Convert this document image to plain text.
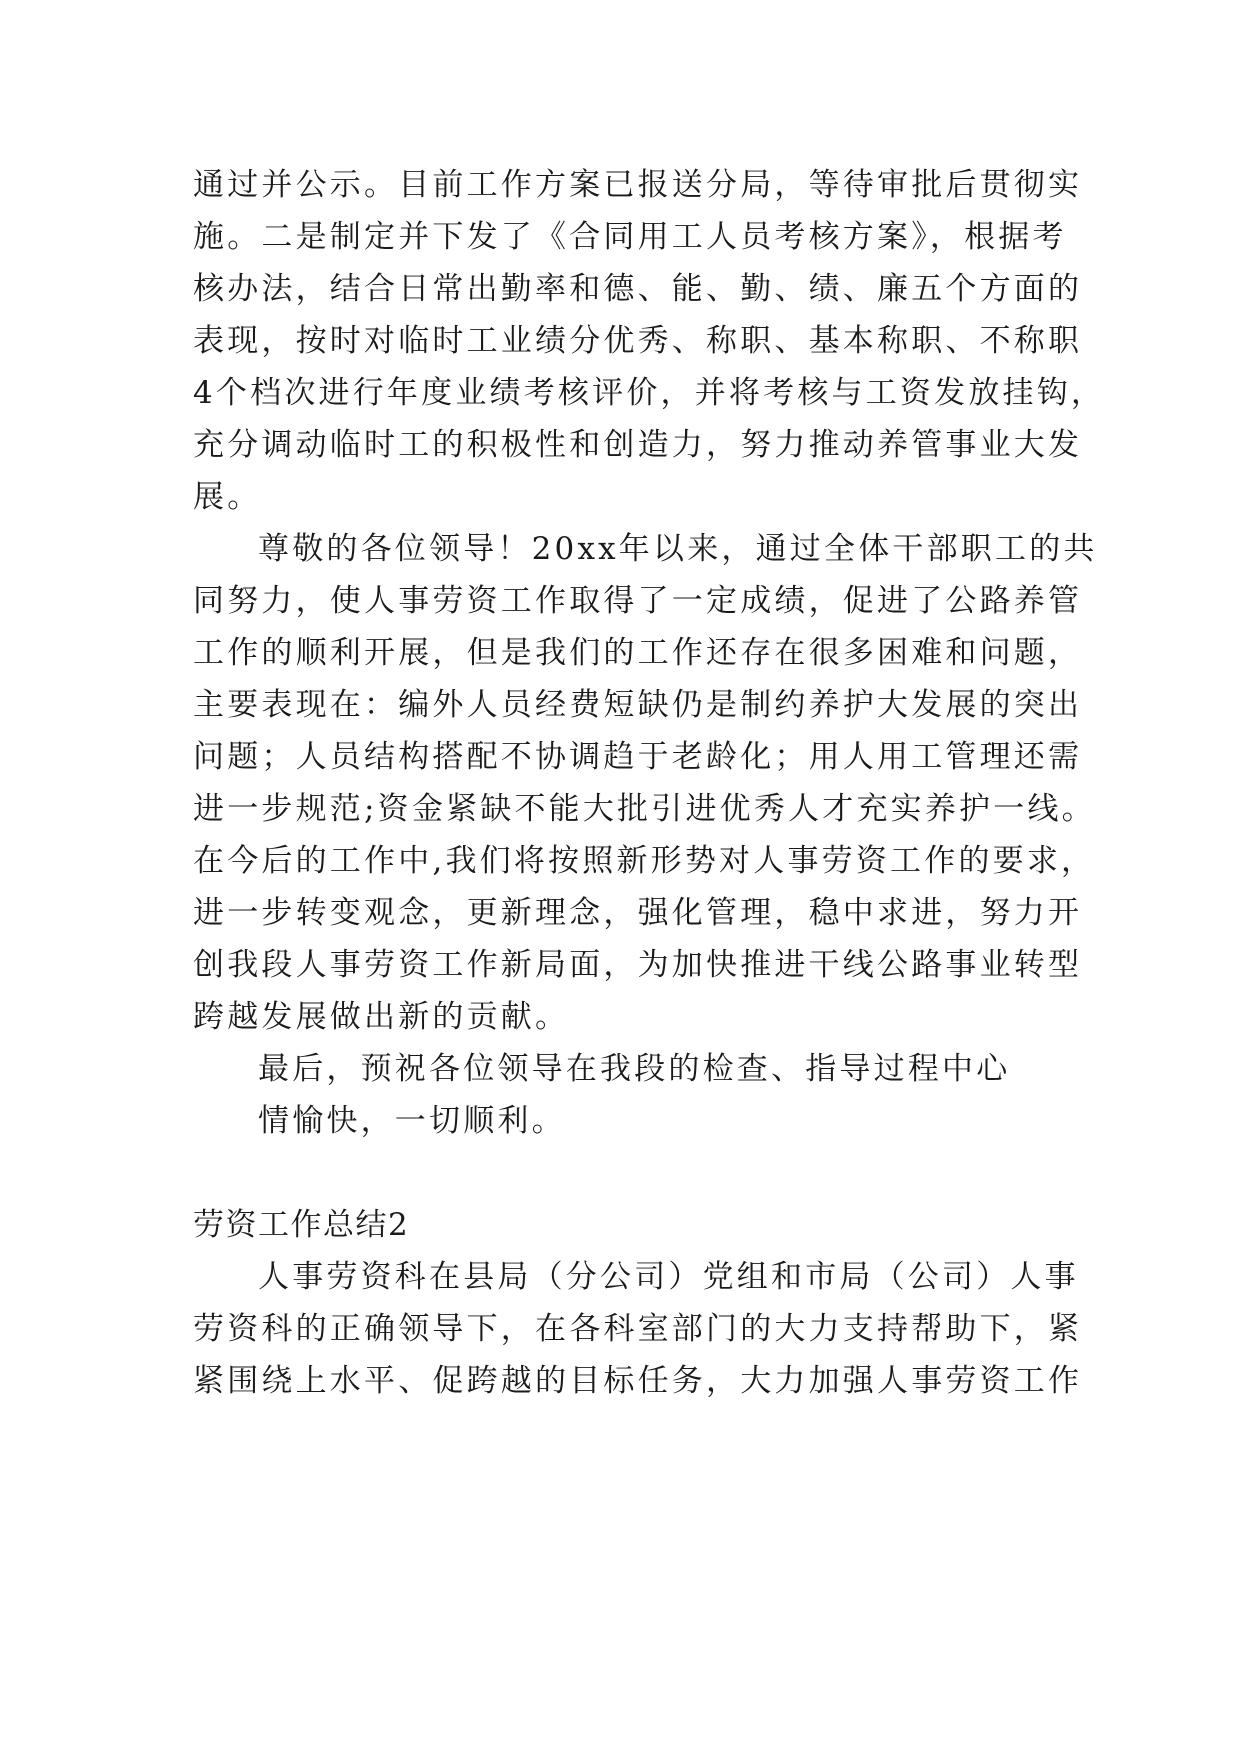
通过并公示。目前工作方案已报送分局，等待审批后贯彻实
施。二是制定并下发了《合同用工人员考核方案》，根据考
核办法，结合日常出勤率和德、能、勤、绩、廉五个方面的
表现，按时对临时工业绩分优秀、称职、基本称职、不称职
4个档次进行年度业绩考核评价，并将考核与工资发放挂钩，
充分调动临时工的积极性和创造力，努力推动养管事业大发
展。
尊敬的各位领导！20xx年以来，通过全体干部职工的共
同努力，使人事劳资工作取得了一定成绩，促进了公路养管
工作的顺利开展，但是我们的工作还存在很多困难和问题，
主要表现在：编外人员经费短缺仍是制约养护大发展的突出
问题；人员结构搭配不协调趋于老龄化；用人用工管理还需
进一步规范;资金紧缺不能大批引进优秀人才充实养护一线。
在今后的工作中,我们将按照新形势对人事劳资工作的要求，
进一步转变观念，更新理念，强化管理，稳中求进，努力开
创我段人事劳资工作新局面，为加快推进干线公路事业转型
跨越发展做出新的贡献。
最后，预祝各位领导在我段的检查、指导过程中心
情愉快，一切顺利。
劳资工作总结2
人事劳资科在县局（分公司）党组和市局（公司）人事
劳资科的正确领导下，在各科室部门的大力支持帮助下，紧
紧围绕上水平、促跨越的目标任务，大力加强人事劳资工作
